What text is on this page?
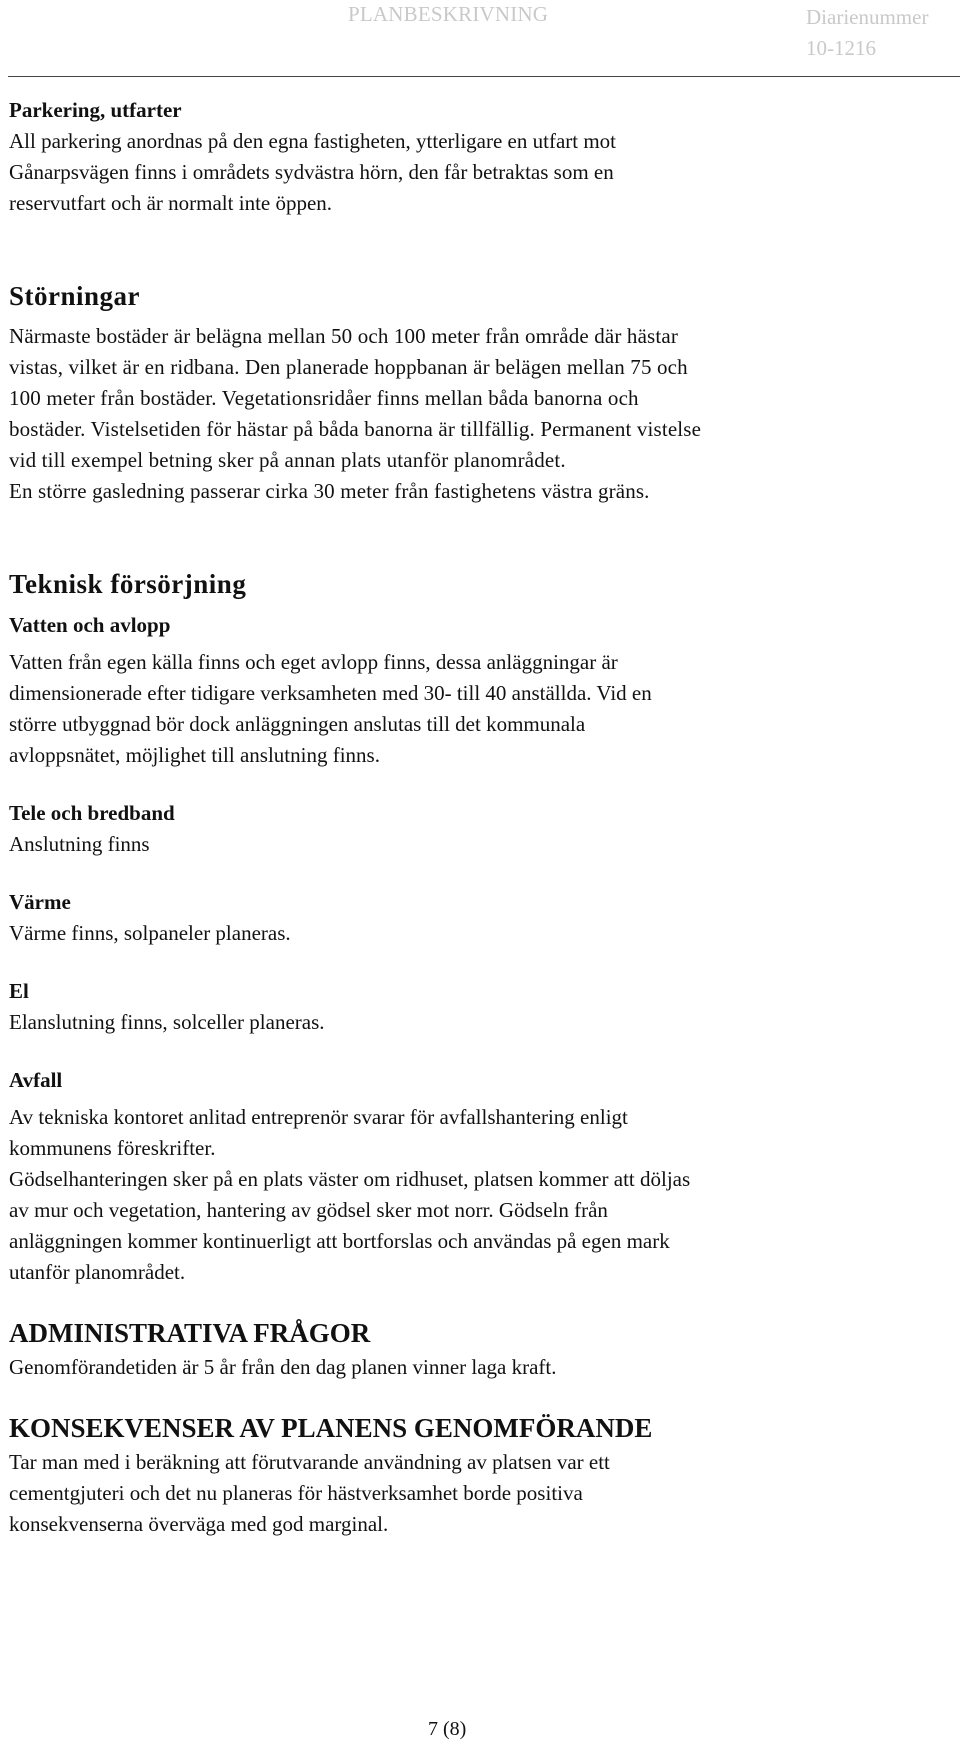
PLANBESKRIVNING	Diarienummer
10-1216
Parkering, utfarter

All parkering anordnas på den egna fastigheten, ytterligare en utfart mot

Gånarpsvägen finns i områdets sydvästra hörn, den får betraktas som en

reservutfart och är normalt inte öppen.

Störningar

Närmaste bostäder är belägna mellan 50 och 100 meter från område där hästar

vistas, vilket är en ridbana. Den planerade hoppbanan är belägen mellan 75 och

100 meter från bostäder. Vegetationsridåer finns mellan båda banorna och

bostäder. Vistelsetiden för hästar på båda banorna är tillfällig. Permanent vistelse

vid till exempel betning sker på annan plats utanför planområdet.

En större gasledning passerar cirka 30 meter från fastighetens västra gräns.

Teknisk försörjning
Vatten och avlopp

Vatten från egen källa finns och eget avlopp finns, dessa anläggningar är

dimensionerade efter tidigare verksamheten med 30- till 40 anställda. Vid en

större utbyggnad bör dock anläggningen anslutas till det kommunala

avloppsnätet, möjlighet till anslutning finns.

Tele och bredband

Anslutning finns

Värme

Värme finns, solpaneler planeras.

El

Elanslutning finns, solceller planeras.

Avfall

Av tekniska kontoret anlitad entreprenör svarar för avfallshantering enligt

kommunens föreskrifter.

Gödselhanteringen sker på en plats väster om ridhuset, platsen kommer att döljas

av mur och vegetation, hantering av gödsel sker mot norr. Gödseln från

anläggningen kommer kontinuerligt att bortforslas och användas på egen mark

utanför planområdet.

ADMINISTRATIVA FRÅGOR

Genomförandetiden är 5 år från den dag planen vinner laga kraft.

KONSEKVENSER AV PLANENS GENOMFÖRANDE

Tar man med i beräkning att förutvarande användning av platsen var ett

cementgjuteri och det nu planeras för hästverksamhet borde positiva

konsekvenserna överväga med god marginal.

7 (8)
